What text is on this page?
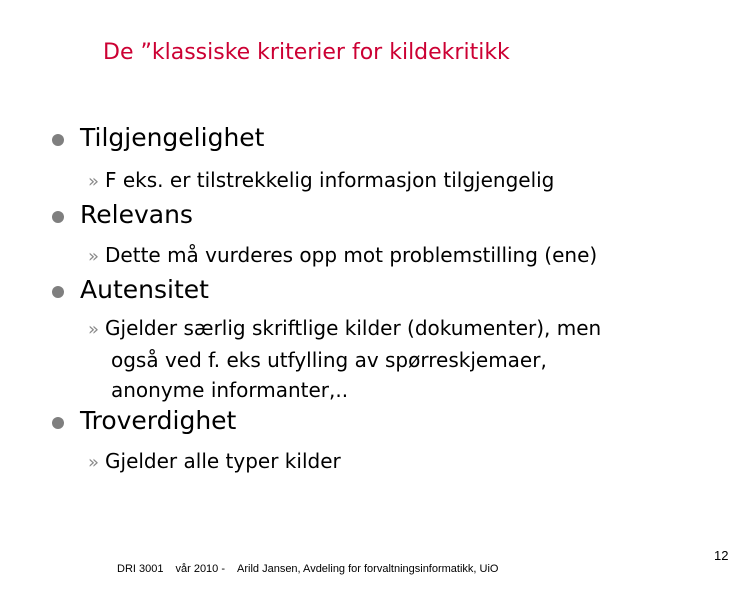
De ”klassiske kriterier for kildekritikk
Tilgjengelighet
» F eks. er tilstrekkelig informasjon tilgjengelig
Relevans
» Dette må vurderes opp mot problemstilling (ene)
Autensitet
» Gjelder særlig skriftlige kilder (dokumenter), men
også ved f. eks utfylling av spørreskjemaer,
anonyme informanter,..
Troverdighet
» Gjelder alle typer kilder
DRI 3001 vår 2010 - Arild Jansen, Avdeling for forvaltningsinformatikk, UiO
12
